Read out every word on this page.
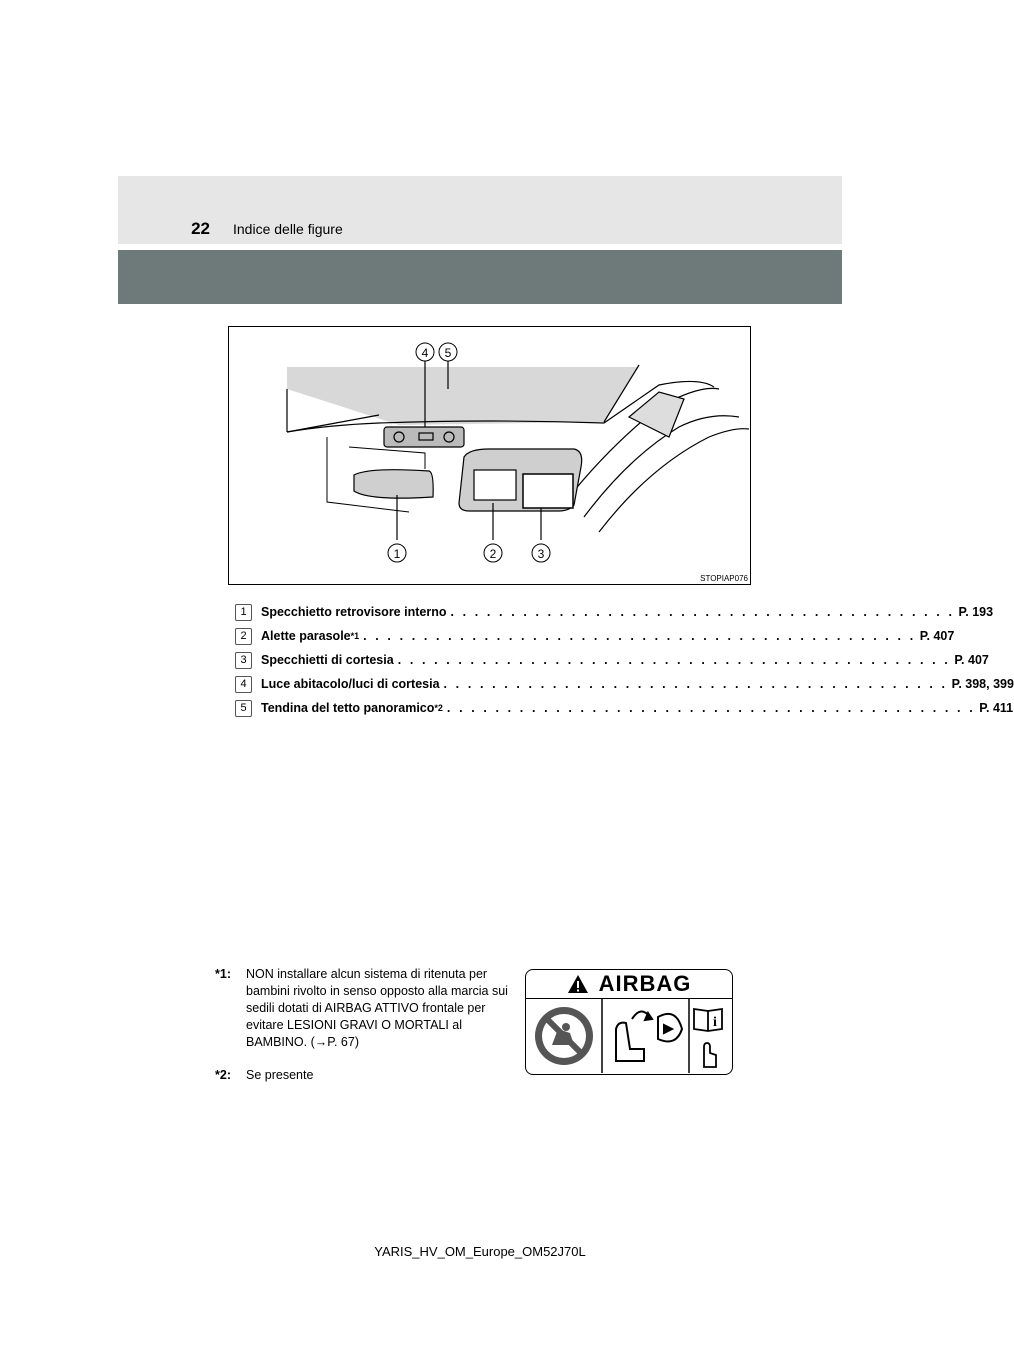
22 Indice delle figure
4 5
1	2	3
STOPIAP076
1	Specchietto retrovisore interno . . . . . . . . . . . . . . . . . . . . . . . . . . . . . . . . . . . . . . . . . . P. 193
2	Alette parasole *1 . . . . . . . . . . . . . . . . . . . . . . . . . . . . . . . . . . . . . . . . . . . . . . P. 407
3	Specchietti di cortesia . . . . . . . . . . . . . . . . . . . . . . . . . . . . . . . . . . . . . . . . . . . . . . P. 407
4	Luce abitacolo/luci di cortesia . . . . . . . . . . . . . . . . . . . . . . . . . . . . . . . . . . . . . . . . . . P. 398, 399
5	Tendina del tetto panoramico *2 . . . . . . . . . . . . . . . . . . . . . . . . . . . . . . . . . . . . . . . . . . . . P. 411
*1: NON installare alcun sistema di ritenuta per bambini rivolto in senso opposto alla marcia sui sedili dotati di AIRBAG ATTIVO frontale per evitare LESIONI GRAVI O MORTALI al BAMBINO. (→P. 67)
*2: Se presente
AIRBAG
i
YARIS_HV_OM_Europe_OM52J70L
